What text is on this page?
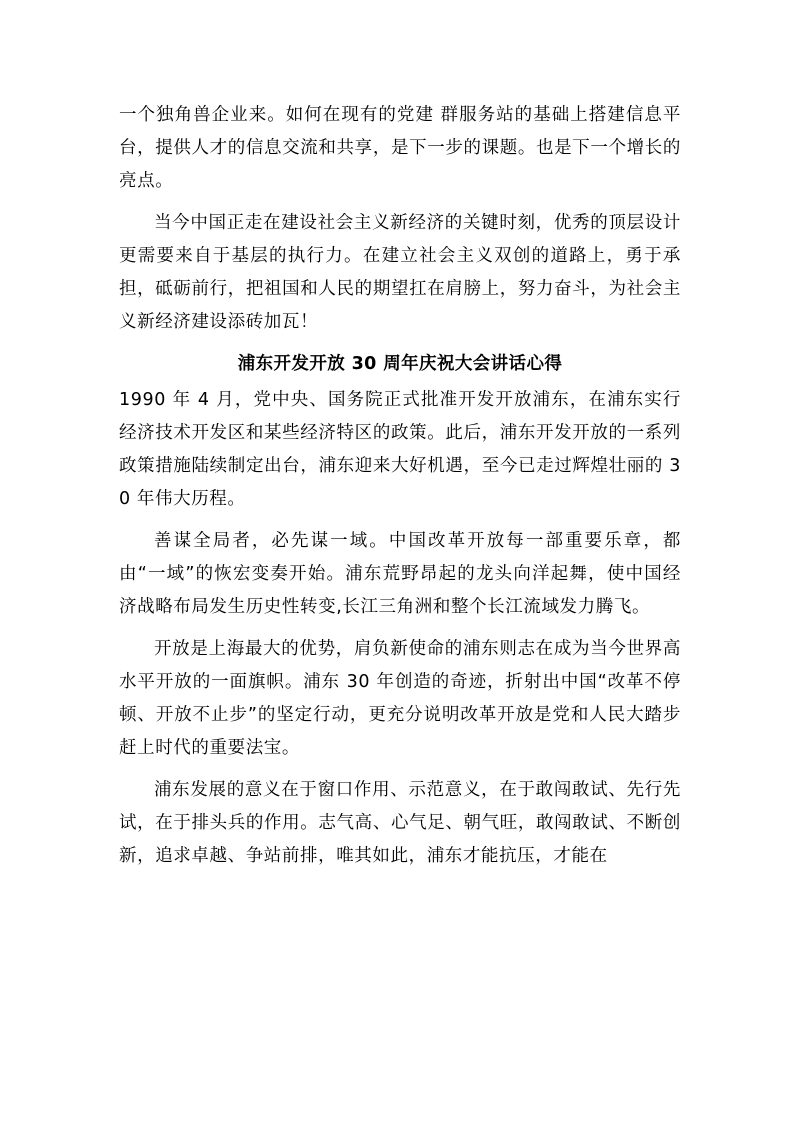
一个独角兽企业来。如何在现有的党建 群服务站的基础上搭建信息平台，提供人才的信息交流和共享，是下一步的课题。也是下一个增长的亮点。

当今中国正走在建设社会主义新经济的关键时刻，优秀的顶层设计更需要来自于基层的执行力。在建立社会主义双创的道路上，勇于承担，砥砺前行，把祖国和人民的期望扛在肩膀上，努力奋斗，为社会主义新经济建设添砖加瓦！

浦东开发开放 30 周年庆祝大会讲话心得

1990 年 4 月，党中央、国务院正式批准开发开放浦东，在浦东实行经济技术开发区和某些经济特区的政策。此后，浦东开发开放的一系列政策措施陆续制定出台，浦东迎来大好机遇，至今已走过辉煌壮丽的 30 年伟大历程。

善谋全局者，必先谋一域。中国改革开放每一部重要乐章，都由“一域”的恢宏变奏开始。浦东荒野昂起的龙头向洋起舞，使中国经济战略布局发生历史性转变,长江三角洲和整个长江流域发力腾飞。

开放是上海最大的优势，肩负新使命的浦东则志在成为当今世界高水平开放的一面旗帜。浦东 30 年创造的奇迹，折射出中国“改革不停顿、开放不止步”的坚定行动，更充分说明改革开放是党和人民大踏步赶上时代的重要法宝。

浦东发展的意义在于窗口作用、示范意义，在于敢闯敢试、先行先试，在于排头兵的作用。志气高、心气足、朝气旺，敢闯敢试、不断创新，追求卓越、争站前排，唯其如此，浦东才能抗压，才能在
